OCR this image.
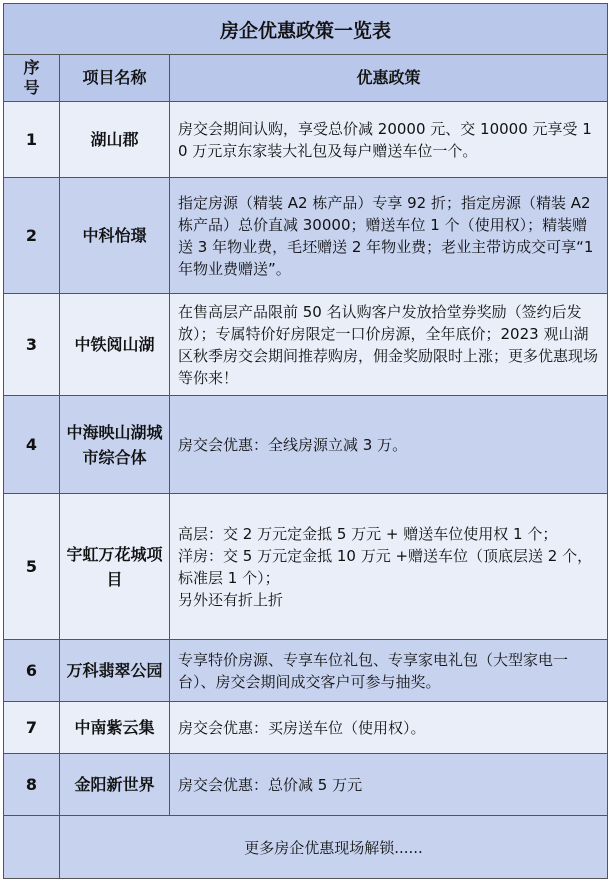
房企优惠政策一览表		
序号	项目名称	优惠政策
1	湖山郡	房交会期间认购，享受总价减 20000 元、交 10000 元享受 10 万元京东家装大礼包及每户赠送车位一个。

2	中科怡璟	指定房源（精装 A2 栋产品）专享 92 折；指定房源（精装 A2 栋产品）总价直减 30000；赠送车位 1 个（使用权）；精装赠送 3 年物业费，毛坯赠送 2 年物业费；老业主带访成交可享“1 年物业费赠送”。

3	中铁阅山湖	在售高层产品限前 50 名认购客户发放拾堂券奖励（签约后发放）；专属特价好房限定一口价房源，全年底价；2023 观山湖区秋季房交会期间推荐购房，佣金奖励限时上涨；更多优惠现场等你来！

4	中海映山湖城市综合体	房交会优惠：全线房源立减 3 万。

5	宇虹万花城项目	高层：交 2 万元定金抵 5 万元 + 赠送车位使用权 1 个；

洋房：交 5 万元定金抵 10 万元 +赠送车位（顶底层送 2 个，标准层 1 个）；

另外还有折上折

6	万科翡翠公园	专享特价房源、专享车位礼包、专享家电礼包（大型家电一台）、房交会期间成交客户可参与抽奖。

7	中南紫云集	房交会优惠：买房送车位（使用权）。

8	金阳新世界	房交会优惠：总价减 5 万元

	更多房企优惠现场解锁......	
